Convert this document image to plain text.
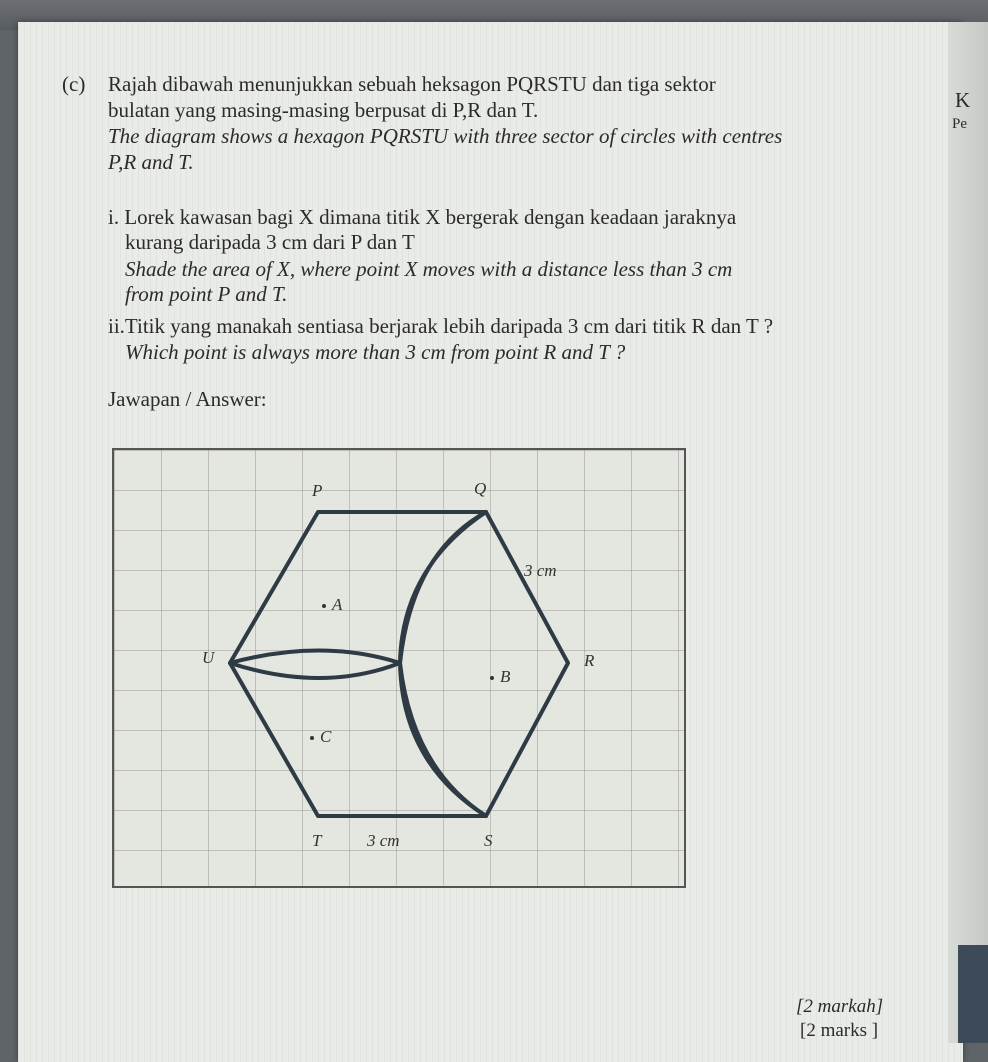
K
Pe
(c) Rajah dibawah menunjukkan sebuah heksagon PQRSTU dan tiga sektor
bulatan yang masing-masing berpusat di P,R dan T.
The diagram shows a hexagon PQRSTU with three sector of circles with centres
P,R and T.
i. Lorek kawasan bagi X dimana titik X bergerak dengan keadaan jaraknya
kurang daripada 3 cm dari P dan T
Shade the area of X, where point X moves with a distance less than 3 cm
from point P and T.
ii.Titik yang manakah sentiasa berjarak lebih daripada 3 cm dari titik R dan T ?
Which point is always more than 3 cm from point R and T ?
Jawapan / Answer:
P	Q
R
S
T
U
A
B
C
3 cm
3 cm
[2 markah]
[2 marks ]
